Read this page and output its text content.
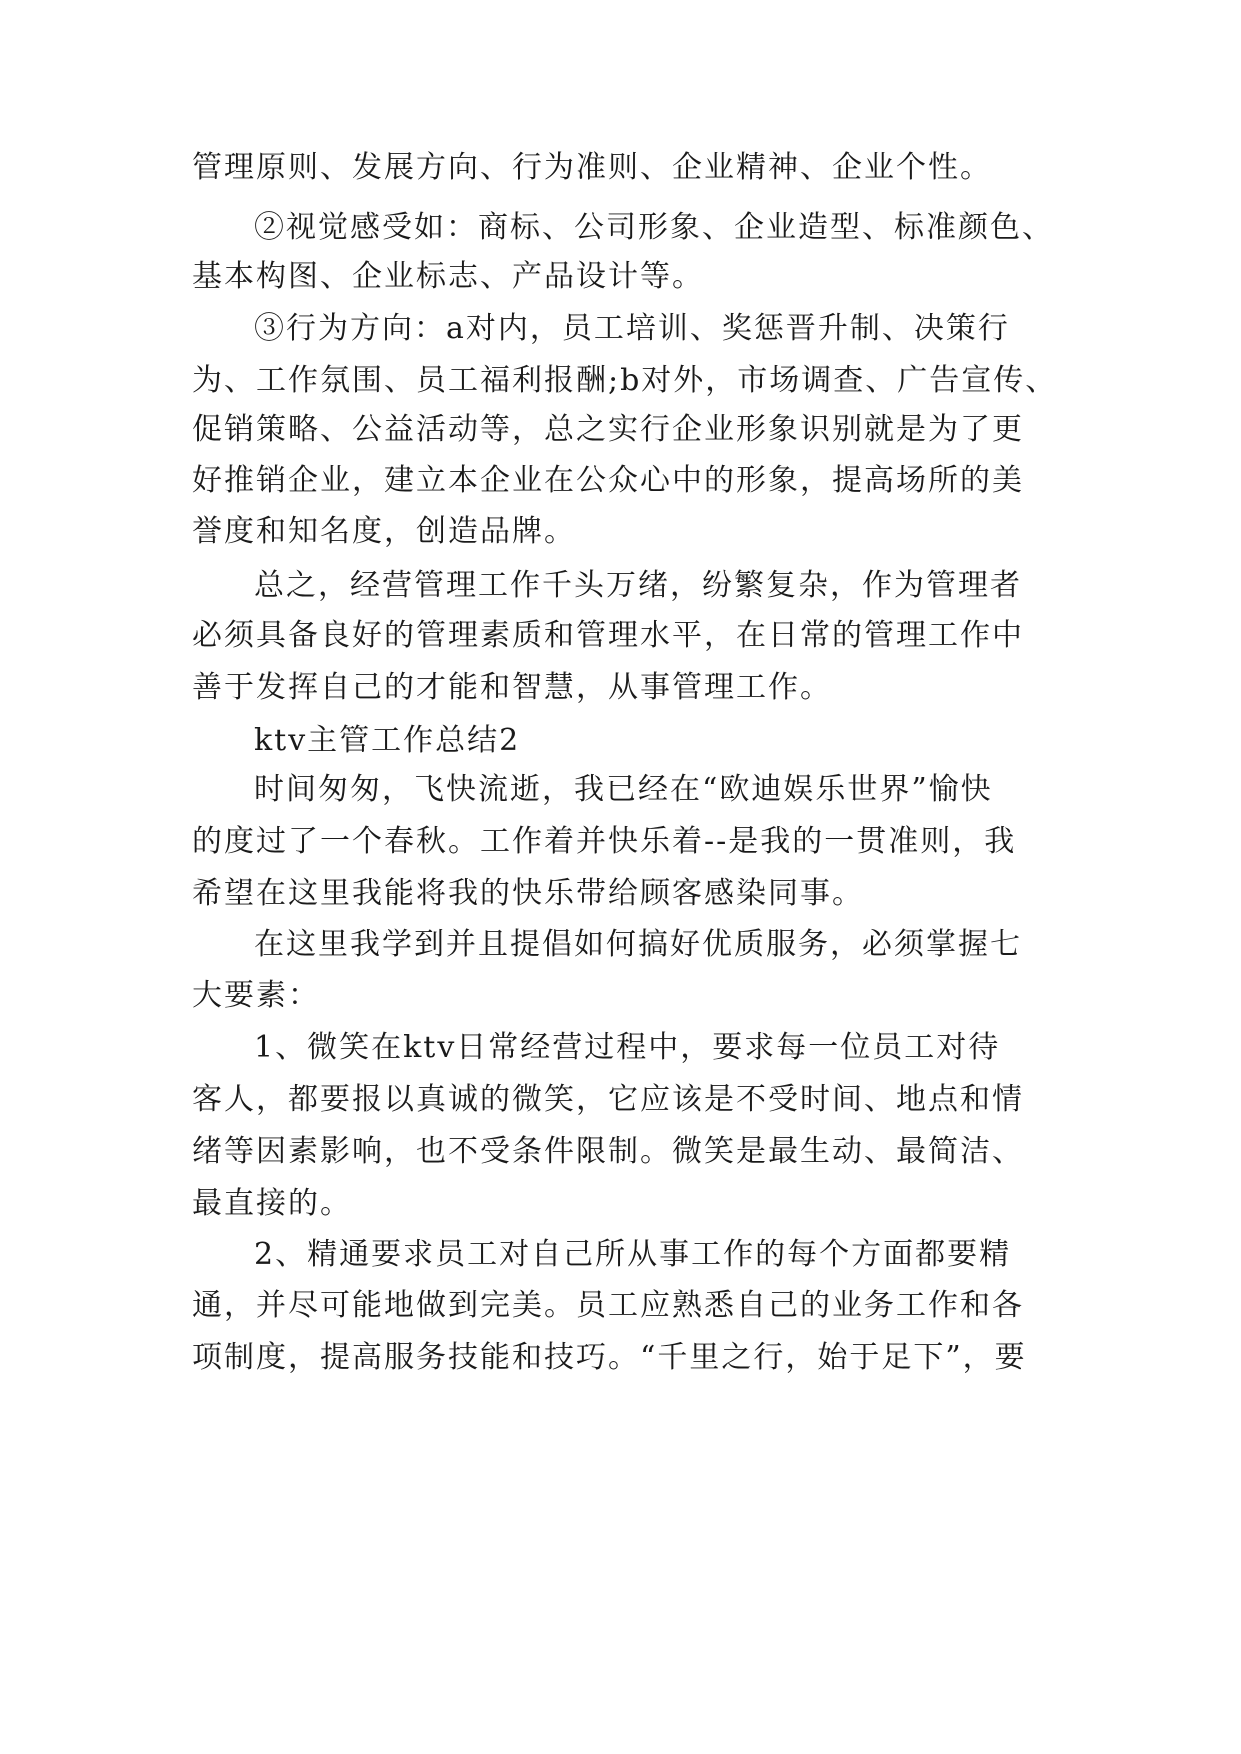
管理原则、发展方向、行为准则、企业精神、企业个性。
②视觉感受如：商标、公司形象、企业造型、标准颜色、
基本构图、企业标志、产品设计等。
③行为方向：a对内，员工培训、奖惩晋升制、决策行
为、工作氛围、员工福利报酬;b对外，市场调查、广告宣传、
促销策略、公益活动等，总之实行企业形象识别就是为了更
好推销企业，建立本企业在公众心中的形象，提高场所的美
誉度和知名度，创造品牌。
总之，经营管理工作千头万绪，纷繁复杂，作为管理者
必须具备良好的管理素质和管理水平，在日常的管理工作中
善于发挥自己的才能和智慧，从事管理工作。
ktv主管工作总结2
时间匆匆，飞快流逝，我已经在“欧迪娱乐世界”愉快
的度过了一个春秋。工作着并快乐着--是我的一贯准则，我
希望在这里我能将我的快乐带给顾客感染同事。
在这里我学到并且提倡如何搞好优质服务，必须掌握七
大要素：
1、微笑在ktv日常经营过程中，要求每一位员工对待
客人，都要报以真诚的微笑，它应该是不受时间、地点和情
绪等因素影响，也不受条件限制。微笑是最生动、最简洁、
最直接的。
2、精通要求员工对自己所从事工作的每个方面都要精
通，并尽可能地做到完美。员工应熟悉自己的业务工作和各
项制度，提高服务技能和技巧。“千里之行，始于足下”，要
